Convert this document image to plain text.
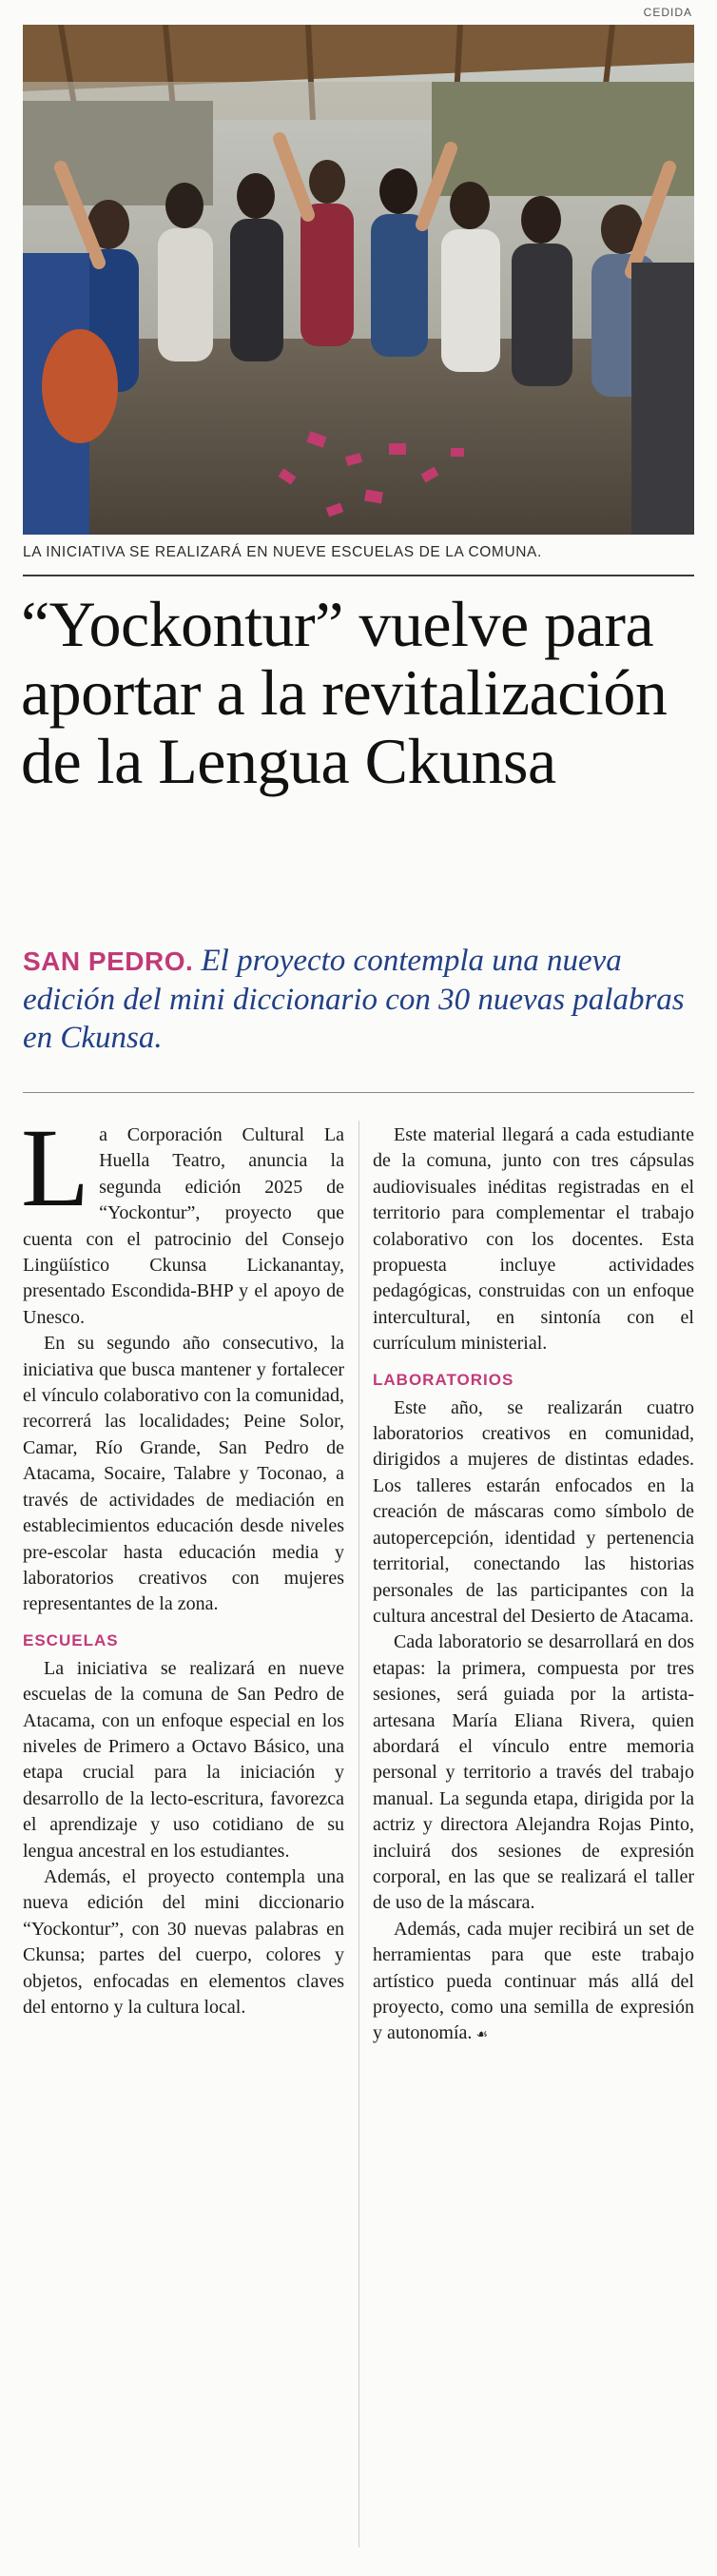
CEDIDA
LA INICIATIVA SE REALIZARÁ EN NUEVE ESCUELAS DE LA COMUNA.
“Yockontur” vuelve para aportar a la revitalización de la Lengua Ckunsa

SAN PEDRO. El proyecto contempla una nueva edición del mini diccionario con 30 nuevas palabras en Ckunsa.

La Corporación Cultural La Huella Teatro, anuncia la segunda edición 2025 de “Yockontur”, proyecto que cuenta con el patrocinio del Consejo Lingüístico Ckunsa Lickanantay, presentado Escondida-BHP y el apoyo de Unesco.

En su segundo año consecutivo, la iniciativa que busca mantener y fortalecer el vínculo colaborativo con la comunidad, recorrerá las localidades; Peine Solor, Camar, Río Grande, San Pedro de Atacama, Socaire, Talabre y Toconao, a través de actividades de mediación en establecimientos educación desde niveles pre-escolar hasta educación media y laboratorios creativos con mujeres representantes de la zona.

ESCUELAS

La iniciativa se realizará en nueve escuelas de la comuna de San Pedro de Atacama, con un enfoque especial en los niveles de Primero a Octavo Básico, una etapa crucial para la iniciación y desarrollo de la lecto-escritura, favorezca el aprendizaje y uso cotidiano de su lengua ancestral en los estudiantes.

Además, el proyecto contempla una nueva edición del mini diccionario “Yockontur”, con 30 nuevas palabras en Ckunsa; partes del cuerpo, colores y objetos, enfocadas en elementos claves del entorno y la cultura local.

Este material llegará a cada estudiante de la comuna, junto con tres cápsulas audiovisuales inéditas registradas en el territorio para complementar el trabajo colaborativo con los docentes. Esta propuesta incluye actividades pedagógicas, construidas con un enfoque intercultural, en sintonía con el currículum ministerial.

LABORATORIOS

Este año, se realizarán cuatro laboratorios creativos en comunidad, dirigidos a mujeres de distintas edades. Los talleres estarán enfocados en la creación de máscaras como símbolo de autopercepción, identidad y pertenencia territorial, conectando las historias personales de las participantes con la cultura ancestral del Desierto de Atacama.

Cada laboratorio se desarrollará en dos etapas: la primera, compuesta por tres sesiones, será guiada por la artista-artesana María Eliana Rivera, quien abordará el vínculo entre memoria personal y territorio a través del trabajo manual. La segunda etapa, dirigida por la actriz y directora Alejandra Rojas Pinto, incluirá dos sesiones de expresión corporal, en las que se realizará el taller de uso de la máscara.

Además, cada mujer recibirá un set de herramientas para que este trabajo artístico pueda continuar más allá del proyecto, como una semilla de expresión y autonomía. ☙
